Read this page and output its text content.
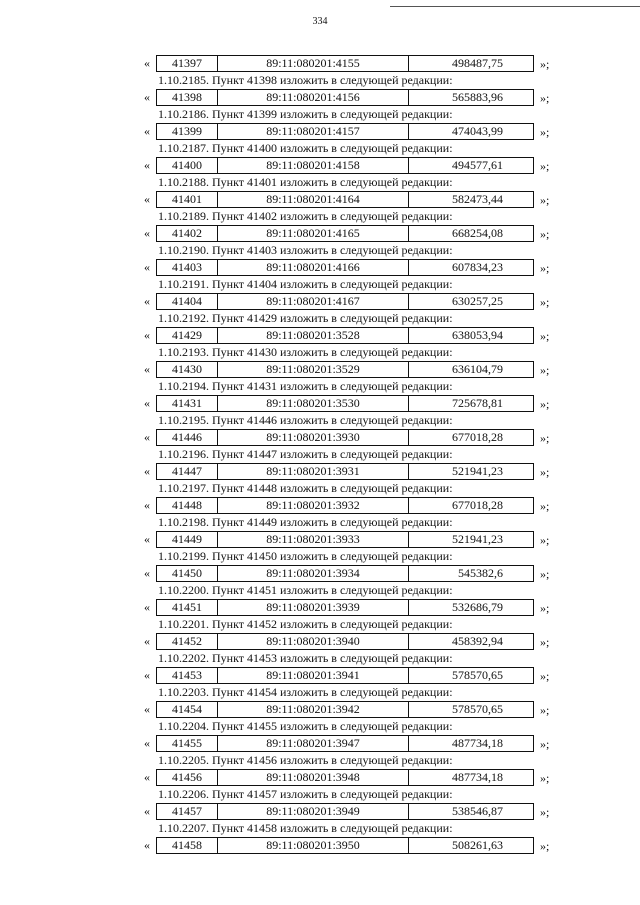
334
«	41397	89:11:080201:4155	498487,75	»;
1.10.2185. Пункт 41398 изложить в следующей редакции:
«	41398	89:11:080201:4156	565883,96	»;
1.10.2186. Пункт 41399 изложить в следующей редакции:
«	41399	89:11:080201:4157	474043,99	»;
1.10.2187. Пункт 41400 изложить в следующей редакции:
«	41400	89:11:080201:4158	494577,61	»;
1.10.2188. Пункт 41401 изложить в следующей редакции:
«	41401	89:11:080201:4164	582473,44	»;
1.10.2189. Пункт 41402 изложить в следующей редакции:
«	41402	89:11:080201:4165	668254,08	»;
1.10.2190. Пункт 41403 изложить в следующей редакции:
«	41403	89:11:080201:4166	607834,23	»;
1.10.2191. Пункт 41404 изложить в следующей редакции:
«	41404	89:11:080201:4167	630257,25	»;
1.10.2192. Пункт 41429 изложить в следующей редакции:
«	41429	89:11:080201:3528	638053,94	»;
1.10.2193. Пункт 41430 изложить в следующей редакции:
«	41430	89:11:080201:3529	636104,79	»;
1.10.2194. Пункт 41431 изложить в следующей редакции:
«	41431	89:11:080201:3530	725678,81	»;
1.10.2195. Пункт 41446 изложить в следующей редакции:
«	41446	89:11:080201:3930	677018,28	»;
1.10.2196. Пункт 41447 изложить в следующей редакции:
«	41447	89:11:080201:3931	521941,23	»;
1.10.2197. Пункт 41448 изложить в следующей редакции:
«	41448	89:11:080201:3932	677018,28	»;
1.10.2198. Пункт 41449 изложить в следующей редакции:
«	41449	89:11:080201:3933	521941,23	»;
1.10.2199. Пункт 41450 изложить в следующей редакции:
«	41450	89:11:080201:3934	545382,6	»;
1.10.2200. Пункт 41451 изложить в следующей редакции:
«	41451	89:11:080201:3939	532686,79	»;
1.10.2201. Пункт 41452 изложить в следующей редакции:
«	41452	89:11:080201:3940	458392,94	»;
1.10.2202. Пункт 41453 изложить в следующей редакции:
«	41453	89:11:080201:3941	578570,65	»;
1.10.2203. Пункт 41454 изложить в следующей редакции:
«	41454	89:11:080201:3942	578570,65	»;
1.10.2204. Пункт 41455 изложить в следующей редакции:
«	41455	89:11:080201:3947	487734,18	»;
1.10.2205. Пункт 41456 изложить в следующей редакции:
«	41456	89:11:080201:3948	487734,18	»;
1.10.2206. Пункт 41457 изложить в следующей редакции:
«	41457	89:11:080201:3949	538546,87	»;
1.10.2207. Пункт 41458 изложить в следующей редакции:
«	41458	89:11:080201:3950	508261,63	»;
